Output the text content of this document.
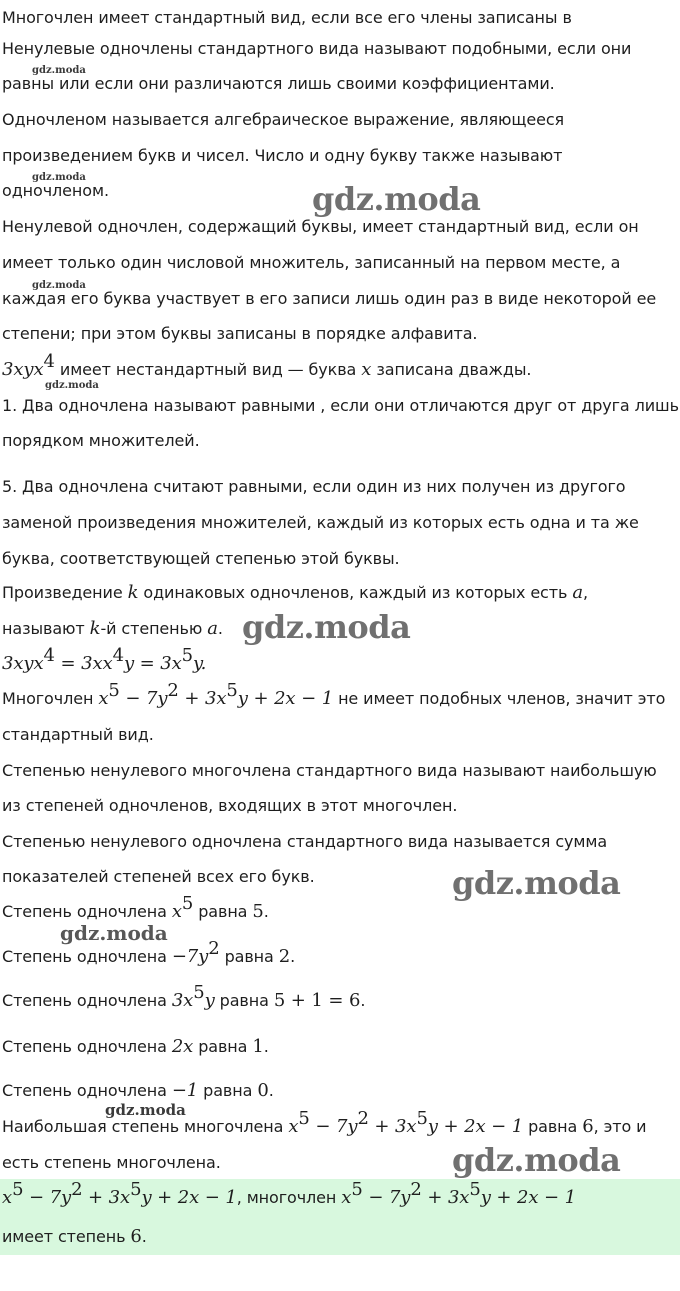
Многочлен имеет стандартный вид, если все его члены записаны в
Ненулевые одночлены стандартного вида называют подобными, если они
равны или если они различаются лишь своими коэффициентами.
Одночленом называется алгебраическое выражение, являющееся
произведением букв и чисел. Число и одну букву также называют
одночленом.
Ненулевой одночлен, содержащий буквы, имеет стандартный вид, если он
имеет только один числовой множитель, записанный на первом месте, а
каждая его буква участвует в его записи лишь один раз в виде некоторой ее
степени; при этом буквы записаны в порядке алфавита.
3xyx$^4$ имеет нестандартный вид — буква x записана дважды.
1. Два одночлена называют равными , если они отличаются друг от друга лишь
порядком множителей.
5. Два одночлена считают равными, если один из них получен из другого
заменой произведения множителей, каждый из которых есть одна и та же
буква, соответствующей степенью этой буквы.
Произведение k одинаковых одночленов, каждый из которых есть a,
называют k-й степенью a.
$3xyx^4 = 3xx^4y = 3x^5y$.
Многочлен $x^5 - 7y^2 + 3x^5y + 2x - 1$ не имеет подобных членов, значит это
стандартный вид.
Степенью ненулевого многочлена стандартного вида называют наибольшую
из степеней одночленов, входящих в этот многочлен.
Степенью ненулевого одночлена стандартного вида называется сумма
показателей степеней всех его букв.
Степень одночлена $x^5$ равна 5.
Степень одночлена $-7y^2$ равна 2.
Степень одночлена $3x^5y$ равна 5 + 1 = 6.
Степень одночлена 2x равна 1.
Степень одночлена −1 равна 0.
Наибольшая степень многочлена $x^5 - 7y^2 + 3x^5y + 2x - 1$ равна 6, это и
есть степень многочлена.
$x^5 - 7y^2 + 3x^5y + 2x - 1$, многочлен $x^5 - 7y^2 + 3x^5y + 2x - 1$
имеет степень 6.
gdz.moda
gdz.moda
gdz.moda
gdz.moda
gdz.moda
gdz.moda
gdz.moda
gdz.moda
gdz.moda
gdz.moda
